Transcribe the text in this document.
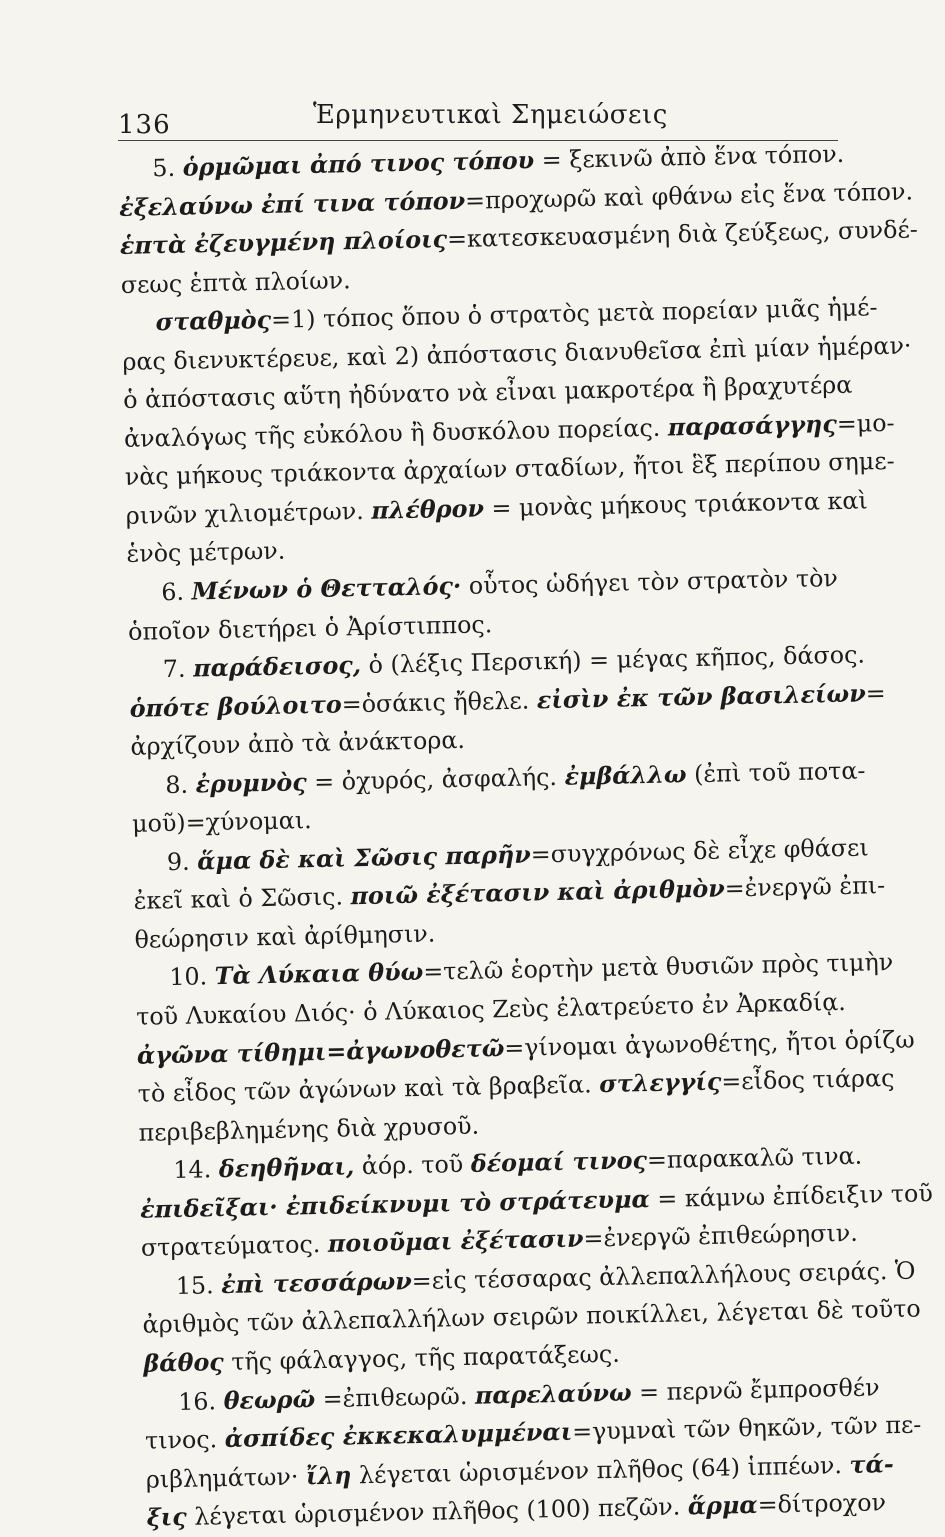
136	Ἑρμηνευτικαὶ Σημειώσεις
5. ὁρμῶμαι ἀπό τινος τόπου = ξεκινῶ ἀπὸ ἕνα τόπον.
ἐξελαύνω ἐπί τινα τόπον=προχωρῶ καὶ φθάνω εἰς ἕνα τόπον.
ἑπτὰ ἐζευγμένη πλοίοις=κατεσκευασμένη διὰ ζεύξεως, συνδέ-
σεως ἑπτὰ πλοίων.
σταθμὸς=1) τόπος ὅπου ὁ στρατὸς μετὰ πορείαν μιᾶς ἡμέ-
ρας διενυκτέρευε, καὶ 2) ἀπόστασις διανυθεῖσα ἐπὶ μίαν ἡμέραν·
ὁ ἀπόστασις αὕτη ἠδύνατο νὰ εἶναι μακροτέρα ἢ βραχυτέρα
ἀναλόγως τῆς εὐκόλου ἢ δυσκόλου πορείας. παρασάγγης=μο-
νὰς μήκους τριάκοντα ἀρχαίων σταδίων, ἤτοι ἓξ περίπου σημε-
ρινῶν χιλιομέτρων. πλέθρον = μονὰς μήκους τριάκοντα καὶ
ἑνὸς μέτρων.
6. Μένων ὁ Θετταλός· οὗτος ὡδήγει τὸν στρατὸν τὸν
ὁποῖον διετήρει ὁ Ἀρίστιππος.
7. παράδεισος, ὁ (λέξις Περσική) = μέγας κῆπος, δάσος.
ὁπότε βούλοιτο=ὁσάκις ἤθελε. εἰσὶν ἐκ τῶν βασιλείων=
ἀρχίζουν ἀπὸ τὰ ἀνάκτορα.
8. ἐρυμνὸς = ὀχυρός, ἀσφαλής. ἐμβάλλω (ἐπὶ τοῦ ποτα-
μοῦ)=χύνομαι.
9. ἅμα δὲ καὶ Σῶσις παρῆν=συγχρόνως δὲ εἶχε φθάσει
ἐκεῖ καὶ ὁ Σῶσις. ποιῶ ἐξέτασιν καὶ ἀριθμὸν=ἐνεργῶ ἐπι-
θεώρησιν καὶ ἀρίθμησιν.
10. Τὰ Λύκαια θύω=τελῶ ἑορτὴν μετὰ θυσιῶν πρὸς τιμὴν
τοῦ Λυκαίου Διός· ὁ Λύκαιος Ζεὺς ἐλατρεύετο ἐν Ἀρκαδίᾳ.
ἀγῶνα τίθημι=ἀγωνοθετῶ=γίνομαι ἀγωνοθέτης, ἤτοι ὁρίζω
τὸ εἶδος τῶν ἀγώνων καὶ τὰ βραβεῖα. στλεγγίς=εἶδος τιάρας
περιβεβλημένης διὰ χρυσοῦ.
14. δεηθῆναι, ἀόρ. τοῦ δέομαί τινος=παρακαλῶ τινα.
ἐπιδεῖξαι· ἐπιδείκνυμι τὸ στράτευμα = κάμνω ἐπίδειξιν τοῦ
στρατεύματος. ποιοῦμαι ἐξέτασιν=ἐνεργῶ ἐπιθεώρησιν.
15. ἐπὶ τεσσάρων=εἰς τέσσαρας ἀλλεπαλλήλους σειράς. Ὁ
ἀριθμὸς τῶν ἀλλεπαλλήλων σειρῶν ποικίλλει, λέγεται δὲ τοῦτο
βάθος τῆς φάλαγγος, τῆς παρατάξεως.
16. θεωρῶ =ἐπιθεωρῶ. παρελαύνω = περνῶ ἔμπροσθέν
τινος. ἀσπίδες ἐκκεκαλυμμέναι=γυμναὶ τῶν θηκῶν, τῶν πε-
ριβλημάτων· ἴλη λέγεται ὡρισμένον πλῆθος (64) ἱππέων. τά-
ξις λέγεται ὡρισμένον πλῆθος (100) πεζῶν. ἅρμα=δίτροχον
